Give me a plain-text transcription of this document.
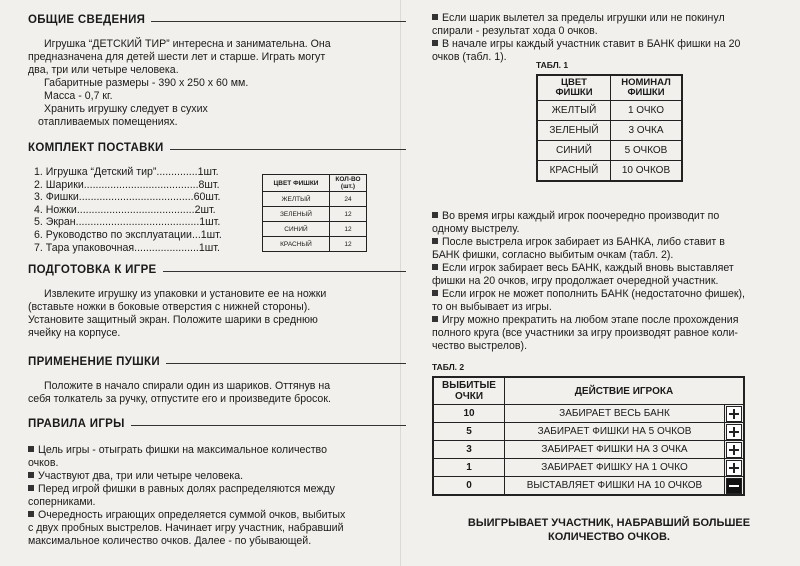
ОБЩИЕ СВЕДЕНИЯ
Игрушка “ДЕТСКИЙ ТИР” интересна и занимательна. Она
предназначена для детей шести лет и старше. Играть могут
два, три или четыре человека.
Габаритные размеры - 390 х 250 х 60 мм.
Масса - 0,7 кг.
Хранить игрушку следует в сухих
отапливаемых помещениях.
КОМПЛЕКТ ПОСТАВКИ
1. Игрушка “Детский тир”..............1шт.
2. Шарики.......................................8шт.
3. Фишки.......................................60шт.
4. Ножки........................................2шт.
5. Экран..........................................1шт.
6. Руководство по эксплуатации...1шт.
7. Тара упаковочная......................1шт.
ЦВЕТ ФИШКИ	КОЛ-ВО (шт.)
ЖЕЛТЫЙ	24
ЗЕЛЕНЫЙ	12
СИНИЙ	12
КРАСНЫЙ	12
ПОДГОТОВКА К ИГРЕ
Извлеките игрушку из упаковки и установите ее на ножки
(вставьте ножки в боковые отверстия с нижней стороны).
Установите защитный экран. Положите шарики в среднюю
ячейку на корпусе.
ПРИМЕНЕНИЕ ПУШКИ
Положите в начало спирали один из шариков. Оттянув на
себя толкатель за ручку, отпустите его и произведите бросок.
ПРАВИЛА ИГРЫ
Цель игры - отыграть фишки на максимальное количество
очков.
Участвуют два, три или четыре человека.
Перед игрой фишки в равных долях распределяются между
соперниками.
Очередность играющих определяется суммой очков, выбитых
с двух пробных выстрелов. Начинает игру участник, набравший
максимальное количество очков. Далее - по убывающей.
Если шарик вылетел за пределы игрушки или не покинул
спирали - результат хода 0 очков.
В начале игры каждый участник ставит в БАНК фишки на 20
очков (табл. 1).
ТАБЛ. 1
ЦВЕТ ФИШКИ	НОМИНАЛ ФИШКИ
ЖЕЛТЫЙ	1 ОЧКО
ЗЕЛЕНЫЙ	3 ОЧКА
СИНИЙ	5 ОЧКОВ
КРАСНЫЙ	10 ОЧКОВ
Во время игры каждый игрок поочередно производит по
одному выстрелу.
После выстрела игрок забирает из БАНКА, либо ставит в
БАНК фишки, согласно выбитым очкам (табл. 2).
Если игрок забирает весь БАНК, каждый вновь выставляет
фишки на 20 очков, игру продолжает очередной участник.
Если игрок не может пополнить БАНК (недостаточно фишек),
то он выбывает из игры.
Игру можно прекратить на любом этапе после прохождения
полного круга (все участники за игру производят равное коли-
чество выстрелов).
ТАБЛ. 2
ВЫБИТЫЕ ОЧКИ	ДЕЙСТВИЕ ИГРОКА	
10	ЗАБИРАЕТ ВЕСЬ БАНК	
5	ЗАБИРАЕТ ФИШКИ НА 5 ОЧКОВ	
3	ЗАБИРАЕТ ФИШКИ НА 3 ОЧКА	
1	ЗАБИРАЕТ ФИШКУ НА 1 ОЧКО	
0	ВЫСТАВЛЯЕТ ФИШКИ НА 10 ОЧКОВ	
ВЫИГРЫВАЕТ УЧАСТНИК, НАБРАВШИЙ БОЛЬШЕЕ
КОЛИЧЕСТВО ОЧКОВ.
